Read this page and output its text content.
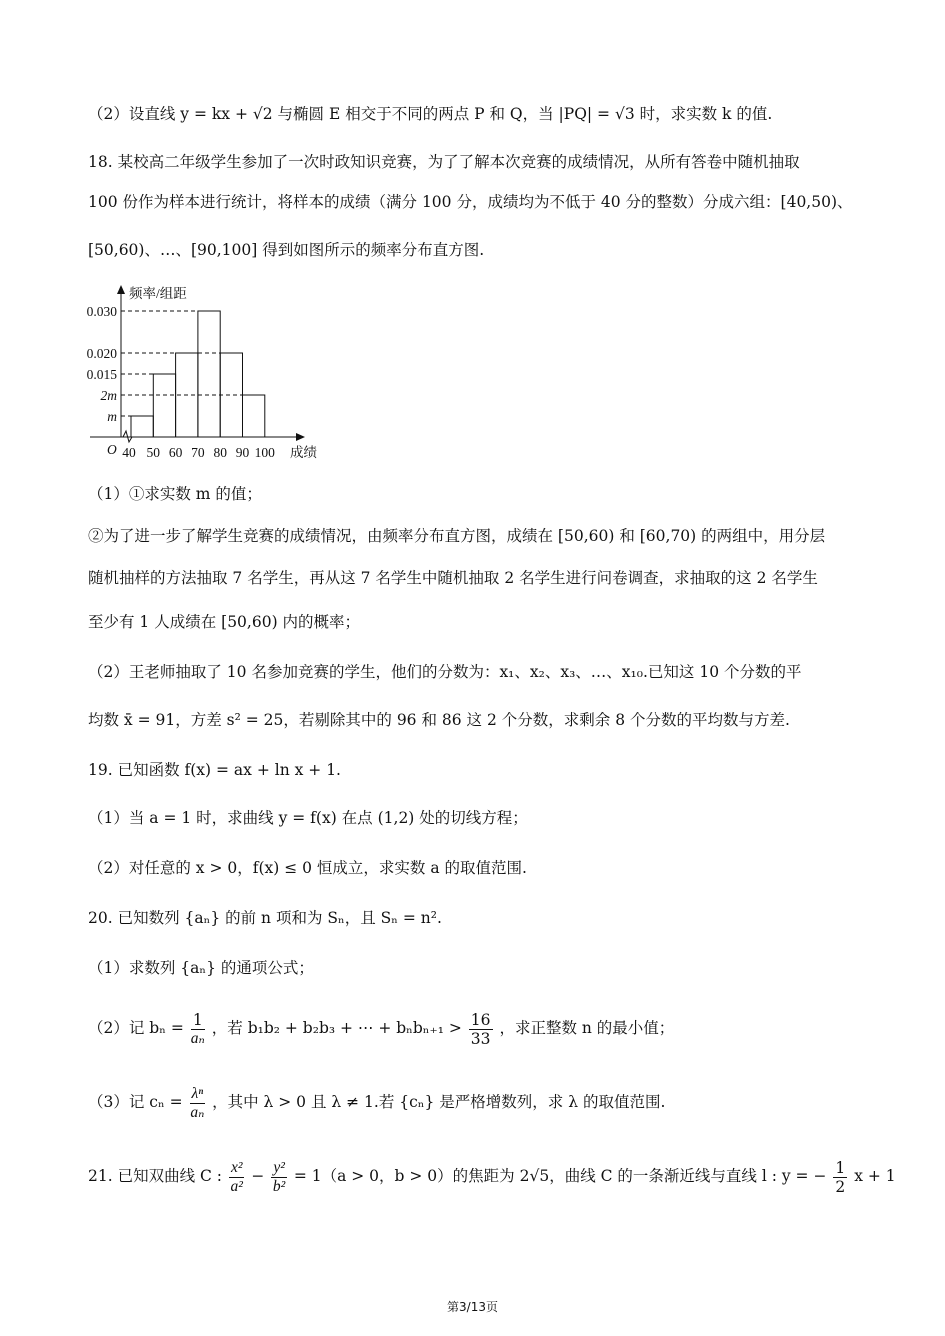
（2）设直线 y = kx + √2 与椭圆 E 相交于不同的两点 P 和 Q，当 |PQ| = √3 时，求实数 k 的值.
18. 某校高二年级学生参加了一次时政知识竞赛，为了了解本次竞赛的成绩情况，从所有答卷中随机抽取
100 份作为样本进行统计，将样本的成绩（满分 100 分，成绩均为不低于 40 分的整数）分成六组：[40,50)、
[50,60)、…、[90,100] 得到如图所示的频率分布直方图.
m
2m
0.015
0.020
0.030
40 50 60 70 80 90 100
O	成绩
频率/组距
（1）①求实数 m 的值；
②为了进一步了解学生竞赛的成绩情况，由频率分布直方图，成绩在 [50,60) 和 [60,70) 的两组中，用分层
随机抽样的方法抽取 7 名学生，再从这 7 名学生中随机抽取 2 名学生进行问卷调查，求抽取的这 2 名学生
至少有 1 人成绩在 [50,60) 内的概率；
（2）王老师抽取了 10 名参加竞赛的学生，他们的分数为：x₁、x₂、x₃、…、x₁₀.已知这 10 个分数的平
均数 x̄ = 91，方差 s² = 25，若剔除其中的 96 和 86 这 2 个分数，求剩余 8 个分数的平均数与方差.
19. 已知函数 f(x) = ax + ln x + 1.
（1）当 a = 1 时，求曲线 y = f(x) 在点 (1,2) 处的切线方程；
（2）对任意的 x > 0，f(x) ≤ 0 恒成立，求实数 a 的取值范围.
20. 已知数列 {aₙ} 的前 n 项和为 Sₙ，且 Sₙ = n².
（1）求数列 {aₙ} 的通项公式；
（2）记 $b_n = \frac{1}{\text{aₙ}}$ ，若 b₁b₂ + b₂b₃ + ⋯ + $b_nb_{n+1} > \frac{16}{33}$ ，求正整数 n 的最小值；
（3）记 $c_n = \frac{\text{λⁿ}}{\text{aₙ}}$ ，其中 λ > 0 且 λ ≠ 1.若 {cₙ} 是严格增数列，求 λ 的取值范围.
21. 已知双曲线 C : $\frac{\text{x²}}{\text{a²}} - \frac{\text{y²}}{\text{b²}} = 1(a > 0$，b > 0）的焦距为 2√5，曲线 C 的一条渐近线与直线 l : y = − $\frac{1}{2}$ x + 1
第3/13页
